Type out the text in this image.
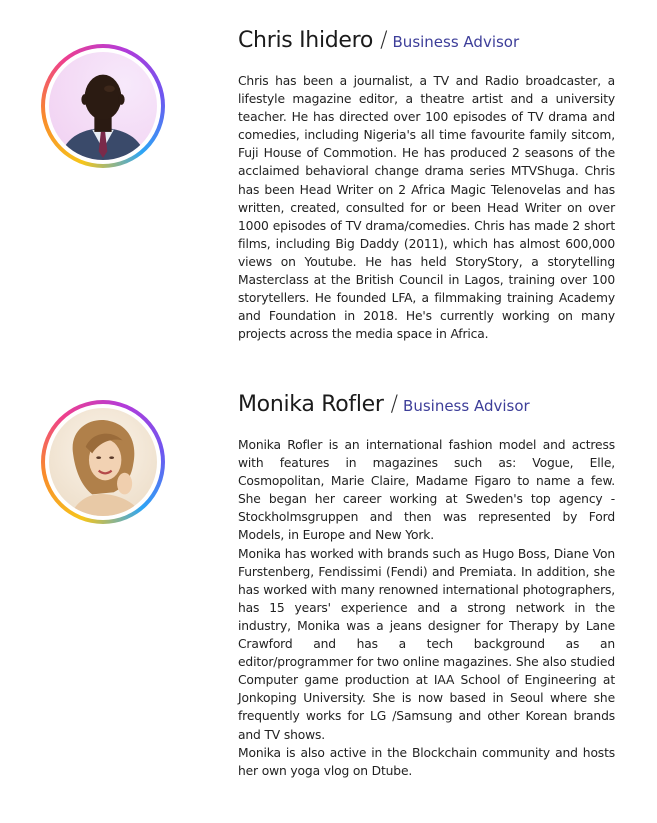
Chris Ihidero / Business Advisor

Chris has been a journalist, a TV and Radio broadcaster, a lifestyle magazine editor, a theatre artist and a university teacher. He has directed over 100 episodes of TV drama and comedies, including Nigeria's all time favourite family sitcom, Fuji House of Commotion. He has produced 2 seasons of the acclaimed behavioral change drama series MTVShuga. Chris has been Head Writer on 2 Africa Magic Telenovelas and has written, created, consulted for or been Head Writer on over 1000 episodes of TV drama/comedies. Chris has made 2 short films, including Big Daddy (2011), which has almost 600,000 views on Youtube. He has held StoryStory, a storytelling Masterclass at the British Council in Lagos, training over 100 storytellers. He founded LFA, a filmmaking training Academy and Foundation in 2018. He's currently working on many projects across the media space in Africa.

Monika Rofler / Business Advisor

Monika Rofler is an international fashion model and actress with features in magazines such as: Vogue, Elle, Cosmopolitan, Marie Claire, Madame Figaro to name a few. She began her career working at Sweden's top agency - Stockholmsgruppen and then was represented by Ford Models, in Europe and New York.

Monika has worked with brands such as Hugo Boss, Diane Von Furstenberg, Fendissimi (Fendi) and Premiata. In addition, she has worked with many renowned international photographers, has 15 years' experience and a strong network in the industry, Monika was a jeans designer for Therapy by Lane Crawford and has a tech background as an editor/programmer for two online magazines. She also studied Computer game production at IAA School of Engineering at Jonkoping University. She is now based in Seoul where she frequently works for LG /Samsung and other Korean brands and TV shows.

Monika is also active in the Blockchain community and hosts her own yoga vlog on Dtube.
